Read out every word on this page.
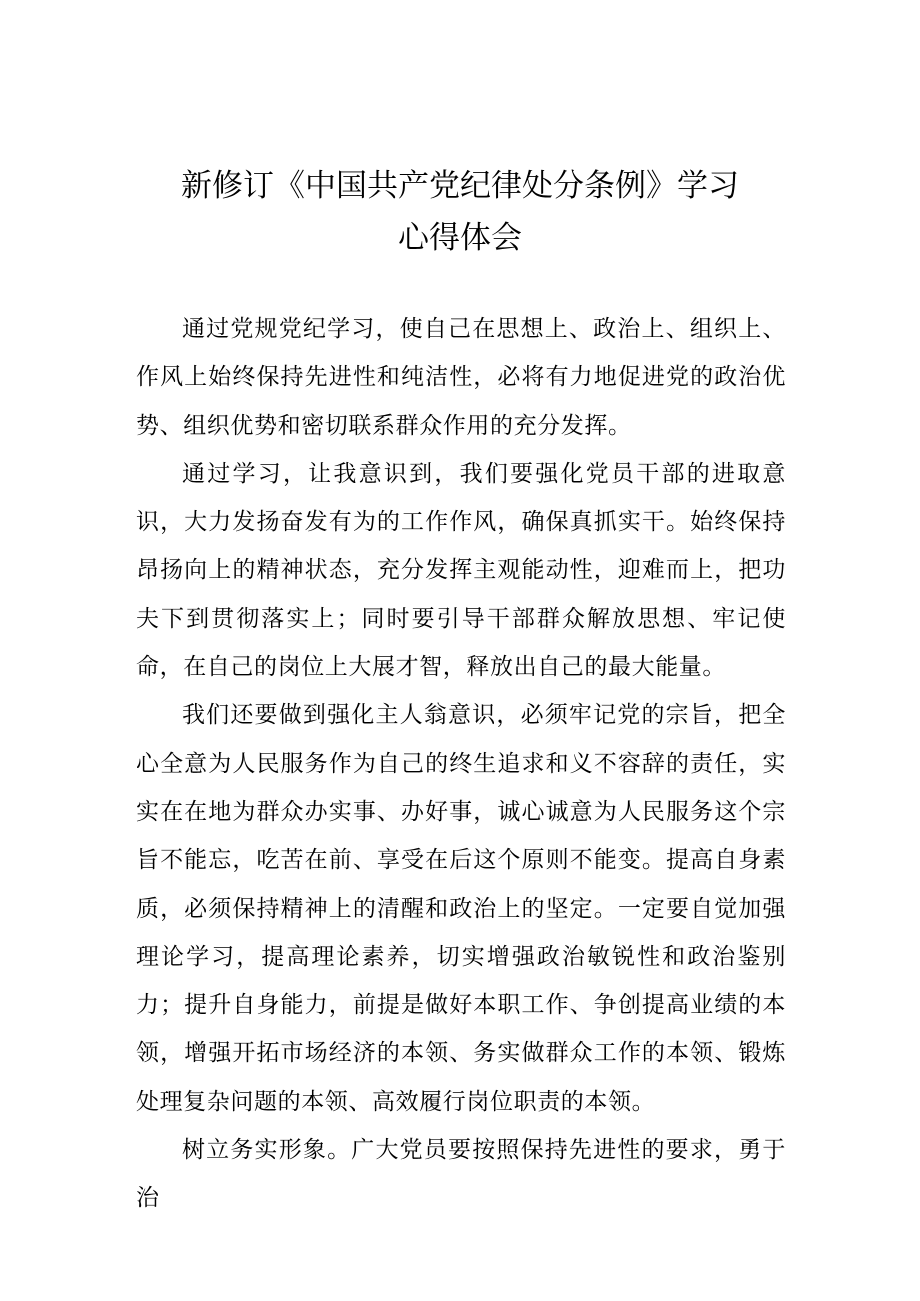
新修订《中国共产党纪律处分条例》学习
心得体会

通过党规党纪学习，使自己在思想上、政治上、组织上、作风上始终保持先进性和纯洁性，必将有力地促进党的政治优势、组织优势和密切联系群众作用的充分发挥。

通过学习，让我意识到，我们要强化党员干部的进取意识，大力发扬奋发有为的工作作风，确保真抓实干。始终保持昂扬向上的精神状态，充分发挥主观能动性，迎难而上，把功夫下到贯彻落实上；同时要引导干部群众解放思想、牢记使命，在自己的岗位上大展才智，释放出自己的最大能量。

我们还要做到强化主人翁意识，必须牢记党的宗旨，把全心全意为人民服务作为自己的终生追求和义不容辞的责任，实实在在地为群众办实事、办好事，诚心诚意为人民服务这个宗旨不能忘，吃苦在前、享受在后这个原则不能变。提高自身素质，必须保持精神上的清醒和政治上的坚定。一定要自觉加强理论学习，提高理论素养，切实增强政治敏锐性和政治鉴别力；提升自身能力，前提是做好本职工作、争创提高业绩的本领，增强开拓市场经济的本领、务实做群众工作的本领、锻炼处理复杂问题的本领、高效履行岗位职责的本领。

树立务实形象。广大党员要按照保持先进性的要求，勇于治
